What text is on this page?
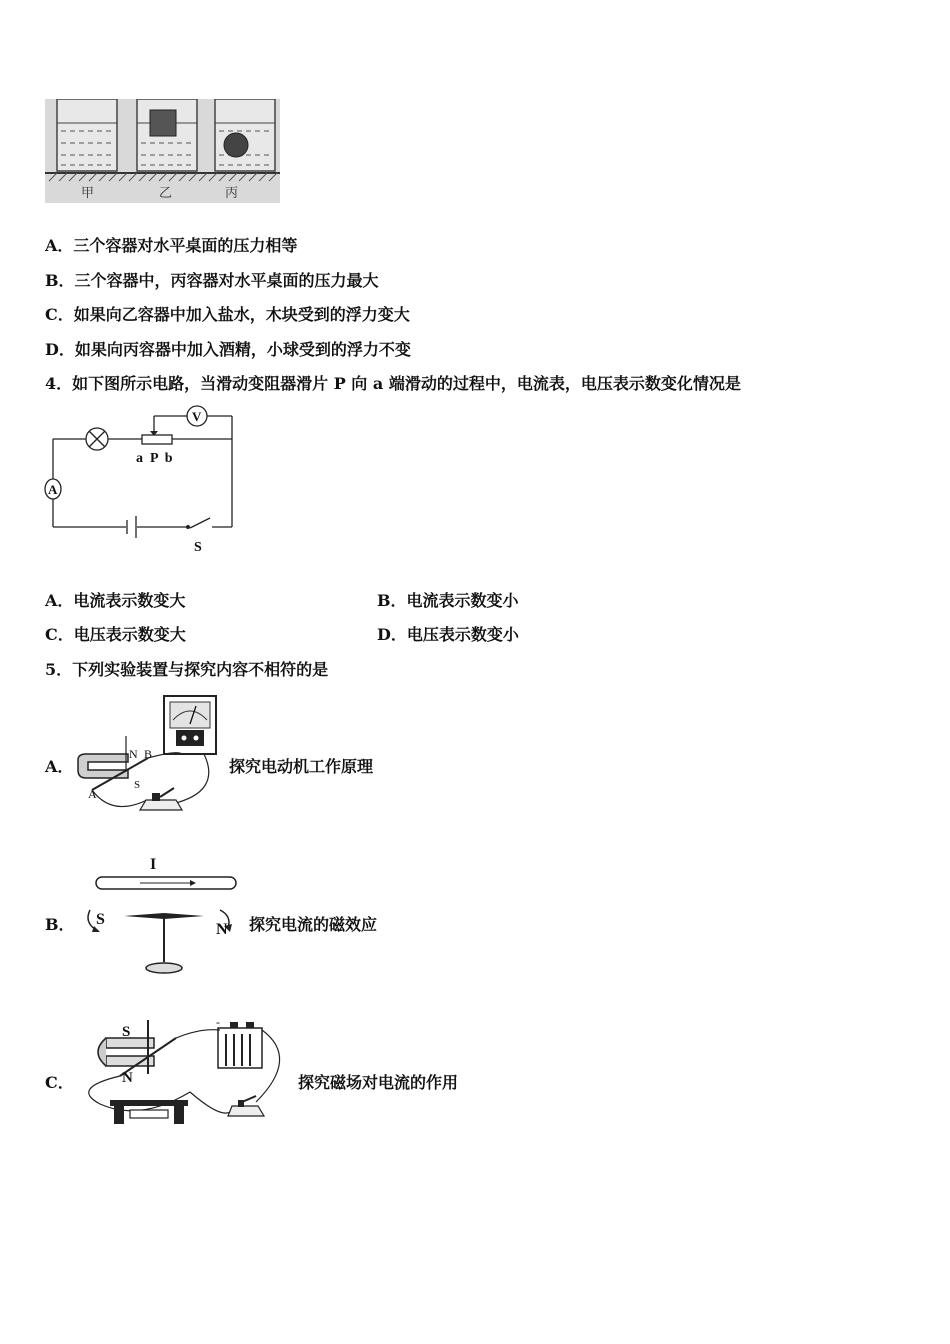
甲	乙	丙
A．三个容器对水平桌面的压力相等
B．三个容器中，丙容器对水平桌面的压力最大
C．如果向乙容器中加入盐水，木块受到的浮力变大
D．如果向丙容器中加入酒精，小球受到的浮力不变
4．如下图所示电路，当滑动变阻器滑片 P 向 a 端滑动的过程中，电流表，电压表示数变化情况是
V
A
a  P  b
S
A．电流表示数变大	B．电流表示数变小
C．电压表示数变大	D．电压表示数变小
5．下列实验装置与探究内容不相符的是
A．
N B
S
A
探究电动机工作原理
B．
I
S
N 探究电流的磁效应
C．
S
N
-
探究磁场对电流的作用
